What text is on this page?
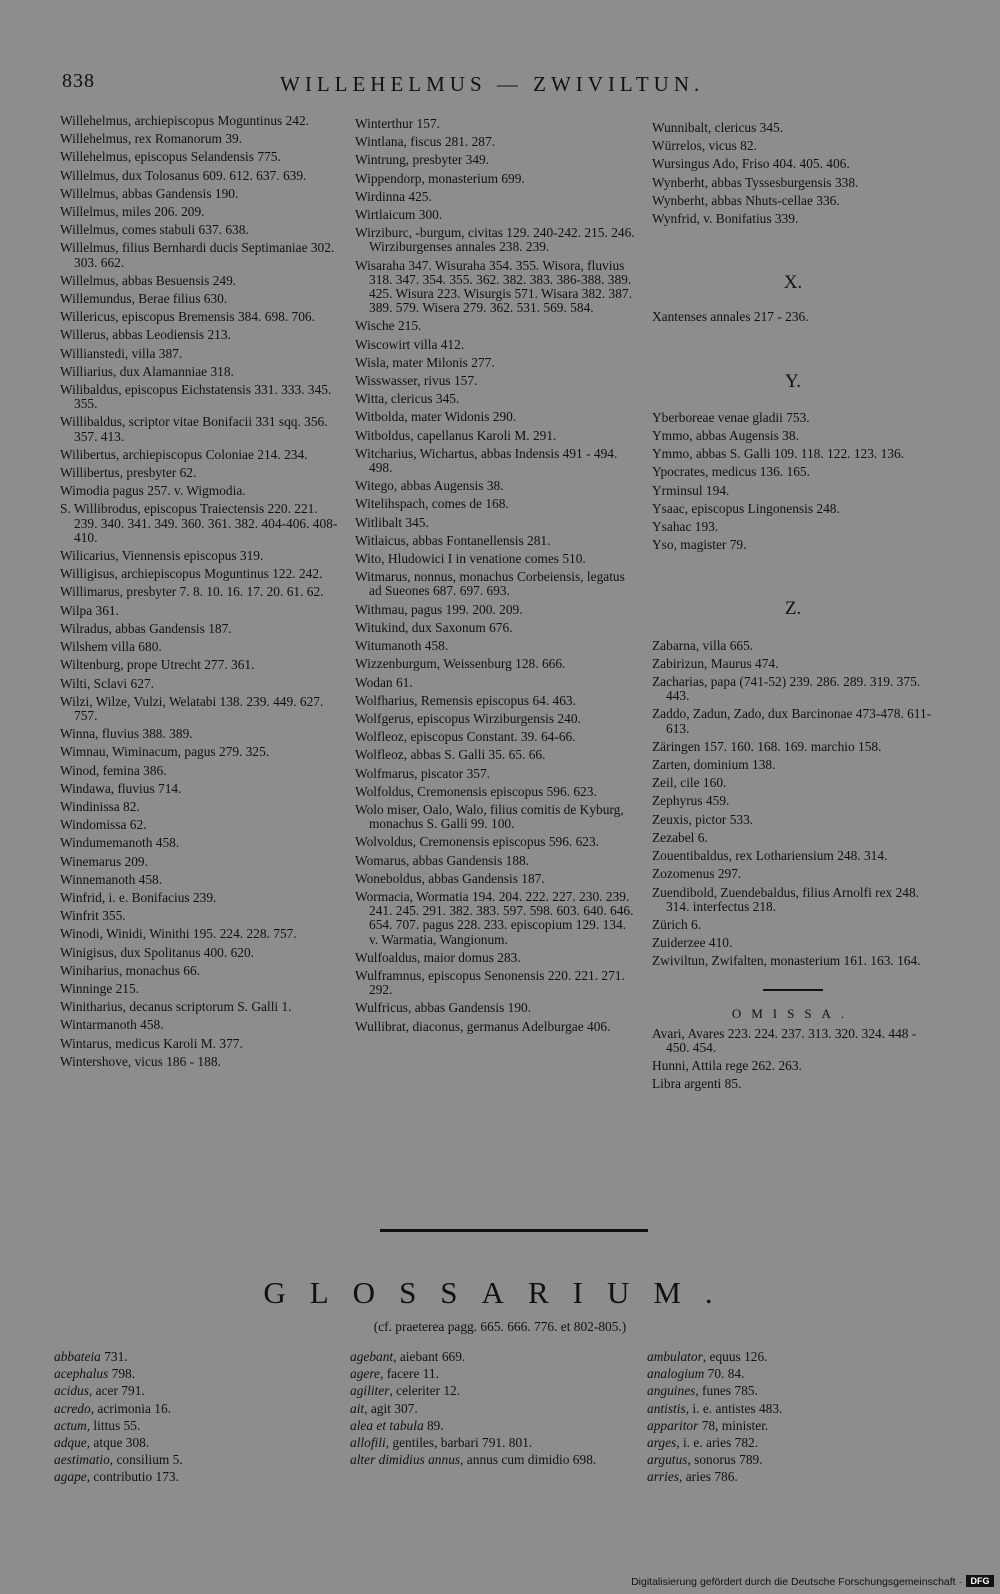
838	WILLEHELMUS — ZWIVILTUN.
Willehelmus, archiepiscopus Moguntinus 242.
Willehelmus, rex Romanorum 39.
Willehelmus, episcopus Selandensis 775.
Willelmus, dux Tolosanus 609. 612. 637. 639.
Willelmus, abbas Gandensis 190.
Willelmus, miles 206. 209.
Willelmus, comes stabuli 637. 638.
Willelmus, filius Bernhardi ducis Septimaniae 302. 303. 662.
Willelmus, abbas Besuensis 249.
Willemundus, Berae filius 630.
Willericus, episcopus Bremensis 384. 698. 706.
Willerus, abbas Leodiensis 213.
Willianstedi, villa 387.
Williarius, dux Alamanniae 318.
Wilibaldus, episcopus Eichstatensis 331. 333. 345. 355.
Willibaldus, scriptor vitae Bonifacii 331 sqq. 356. 357. 413.
Wilibertus, archiepiscopus Coloniae 214. 234.
Willibertus, presbyter 62.
Wimodia pagus 257. v. Wigmodia.
S. Willibrodus, episcopus Traiectensis 220. 221. 239. 340. 341. 349. 360. 361. 382. 404-406. 408-410.
Wilicarius, Viennensis episcopus 319.
Willigisus, archiepiscopus Moguntinus 122. 242.
Willimarus, presbyter 7. 8. 10. 16. 17. 20. 61. 62.
Wilpa 361.
Wilradus, abbas Gandensis 187.
Wilshem villa 680.
Wiltenburg, prope Utrecht 277. 361.
Wilti, Sclavi 627.
Wilzi, Wilze, Vulzi, Welatabi 138. 239. 449. 627. 757.
Winna, fluvius 388. 389.
Wimnau, Wiminacum, pagus 279. 325.
Winod, femina 386.
Windawa, fluvius 714.
Windinissa 82.
Windomissa 62.
Windumemanoth 458.
Winemarus 209.
Winnemanoth 458.
Winfrid, i. e. Bonifacius 239.
Winfrit 355.
Winodi, Winidi, Winithi 195. 224. 228. 757.
Winigisus, dux Spolitanus 400. 620.
Winiharius, monachus 66.
Winninge 215.
Winitharius, decanus scriptorum S. Galli 1.
Wintarmanoth 458.
Wintarus, medicus Karoli M. 377.
Wintershove, vicus 186 - 188.
Winterthur 157.
Wintlana, fiscus 281. 287.
Wintrung, presbyter 349.
Wippendorp, monasterium 699.
Wirdinna 425.
Wirtlaicum 300.
Wirziburc, -burgum, civitas 129. 240-242. 215. 246. Wirziburgenses annales 238. 239.
Wisaraha 347. Wisuraha 354. 355. Wisora, fluvius 318. 347. 354. 355. 362. 382. 383. 386-388. 389. 425. Wisura 223. Wisurgis 571. Wisara 382. 387. 389. 579. Wisera 279. 362. 531. 569. 584.
Wische 215.
Wiscowirt villa 412.
Wisla, mater Milonis 277.
Wisswasser, rivus 157.
Witta, clericus 345.
Witbolda, mater Widonis 290.
Witboldus, capellanus Karoli M. 291.
Witcharius, Wichartus, abbas Indensis 491 - 494. 498.
Witego, abbas Augensis 38.
Witelihspach, comes de 168.
Witlibalt 345.
Witlaicus, abbas Fontanellensis 281.
Wito, Hludowici I in venatione comes 510.
Witmarus, nonnus, monachus Corbeiensis, legatus ad Sueones 687. 697. 693.
Withmau, pagus 199. 200. 209.
Witukind, dux Saxonum 676.
Witumanoth 458.
Wizzenburgum, Weissenburg 128. 666.
Wodan 61.
Wolfharius, Remensis episcopus 64. 463.
Wolfgerus, episcopus Wirziburgensis 240.
Wolfleoz, episcopus Constant. 39. 64-66.
Wolfleoz, abbas S. Galli 35. 65. 66.
Wolfmarus, piscator 357.
Wolfoldus, Cremonensis episcopus 596. 623.
Wolo miser, Oalo, Walo, filius comitis de Kyburg, monachus S. Galli 99. 100.
Wolvoldus, Cremonensis episcopus 596. 623.
Womarus, abbas Gandensis 188.
Woneboldus, abbas Gandensis 187.
Wormacia, Wormatia 194. 204. 222. 227. 230. 239. 241. 245. 291. 382. 383. 597. 598. 603. 640. 646. 654. 707. pagus 228. 233. episcopium 129. 134. v. Warmatia, Wangionum.
Wulfoaldus, maior domus 283.
Wulframnus, episcopus Senonensis 220. 221. 271. 292.
Wulfricus, abbas Gandensis 190.
Wullibrat, diaconus, germanus Adelburgae 406.
Wunnibalt, clericus 345.
Würrelos, vicus 82.
Wursingus Ado, Friso 404. 405. 406.
Wynberht, abbas Tyssesburgensis 338.
Wynberht, abbas Nhuts-cellae 336.
Wynfrid, v. Bonifatius 339.
X.
Xantenses annales 217 - 236.
Y.
Yberboreae venae gladii 753.
Ymmo, abbas Augensis 38.
Ymmo, abbas S. Galli 109. 118. 122. 123. 136.
Ypocrates, medicus 136. 165.
Yrminsul 194.
Ysaac, episcopus Lingonensis 248.
Ysahac 193.
Yso, magister 79.
Z.
Zabarna, villa 665.
Zabirizun, Maurus 474.
Zacharias, papa (741-52) 239. 286. 289. 319. 375. 443.
Zaddo, Zadun, Zado, dux Barcinonae 473-478. 611-613.
Zäringen 157. 160. 168. 169. marchio 158.
Zarten, dominium 138.
Zeil, cile 160.
Zephyrus 459.
Zeuxis, pictor 533.
Zezabel 6.
Zouentibaldus, rex Lothariensium 248. 314.
Zozomenus 297.
Zuendibold, Zuendebaldus, filius Arnolfi rex 248. 314. interfectus 218.
Zürich 6.
Zuiderzee 410.
Zwiviltun, Zwifalten, monasterium 161. 163. 164.
OMISSA.
Avari, Avares 223. 224. 237. 313. 320. 324. 448 - 450. 454.
Hunni, Attila rege 262. 263.
Libra argenti 85.
GLOSSARIUM.
(cf. praeterea pagg. 665. 666. 776. et 802-805.)
abbateia 731.
acephalus 798.
acidus, acer 791.
acredo, acrimonia 16.
actum, littus 55.
adque, atque 308.
aestimatio, consilium 5.
agape, contributio 173.
agebant, aiebant 669.
agere, facere 11.
agiliter, celeriter 12.
ait, agit 307.
alea et tabula 89.
allofili, gentiles, barbari 791. 801.
alter dimidius annus, annus cum dimidio 698.
ambulator, equus 126.
analogium 70. 84.
anguines, funes 785.
antistis, i. e. antistes 483.
apparitor 78, minister.
arges, i. e. aries 782.
argutus, sonorus 789.
arries, aries 786.
Digitalisierung gefördert durch die Deutsche Forschungsgemeinschaft · DFG
